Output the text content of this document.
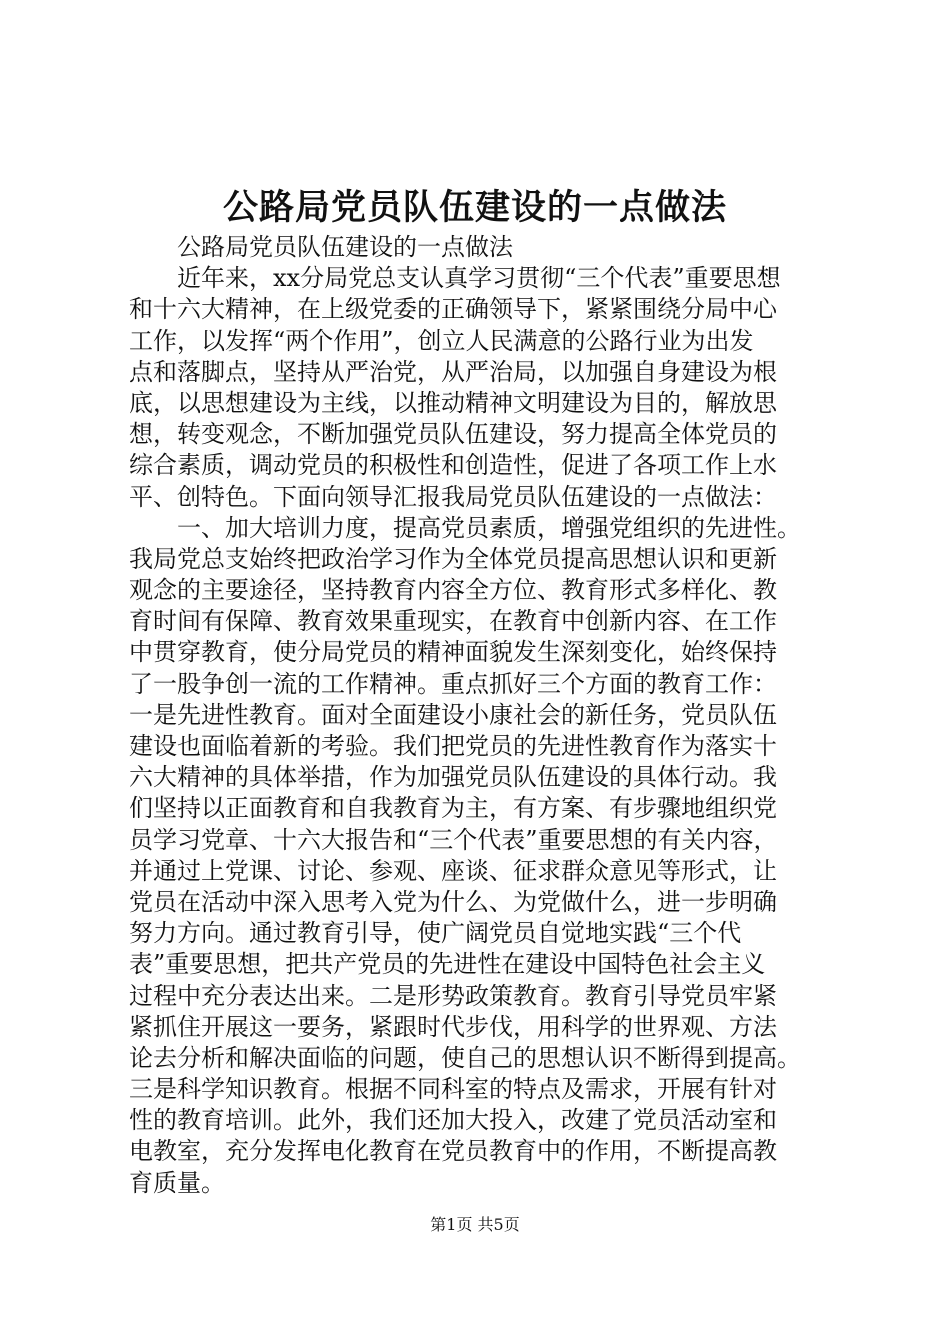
公路局党员队伍建设的一点做法
　　公路局党员队伍建设的一点做法
　　近年来，xx分局党总支认真学习贯彻“三个代表”重要思想
和十六大精神，在上级党委的正确领导下，紧紧围绕分局中心
工作，以发挥“两个作用”，创立人民满意的公路行业为出发
点和落脚点，坚持从严治党，从严治局，以加强自身建设为根
底，以思想建设为主线，以推动精神文明建设为目的，解放思
想，转变观念，不断加强党员队伍建设，努力提高全体党员的
综合素质，调动党员的积极性和创造性，促进了各项工作上水
平、创特色。下面向领导汇报我局党员队伍建设的一点做法：
　　一、加大培训力度，提高党员素质，增强党组织的先进性。
我局党总支始终把政治学习作为全体党员提高思想认识和更新
观念的主要途径，坚持教育内容全方位、教育形式多样化、教
育时间有保障、教育效果重现实，在教育中创新内容、在工作
中贯穿教育，使分局党员的精神面貌发生深刻变化，始终保持
了一股争创一流的工作精神。重点抓好三个方面的教育工作：
一是先进性教育。面对全面建设小康社会的新任务，党员队伍
建设也面临着新的考验。我们把党员的先进性教育作为落实十
六大精神的具体举措，作为加强党员队伍建设的具体行动。我
们坚持以正面教育和自我教育为主，有方案、有步骤地组织党
员学习党章、十六大报告和“三个代表”重要思想的有关内容，
并通过上党课、讨论、参观、座谈、征求群众意见等形式，让
党员在活动中深入思考入党为什么、为党做什么，进一步明确
努力方向。通过教育引导，使广阔党员自觉地实践“三个代
表”重要思想，把共产党员的先进性在建设中国特色社会主义
过程中充分表达出来。二是形势政策教育。教育引导党员牢紧
紧抓住开展这一要务，紧跟时代步伐，用科学的世界观、方法
论去分析和解决面临的问题，使自己的思想认识不断得到提高。
三是科学知识教育。根据不同科室的特点及需求，开展有针对
性的教育培训。此外，我们还加大投入，改建了党员活动室和
电教室，充分发挥电化教育在党员教育中的作用，不断提高教
育质量。
第1页 共5页
